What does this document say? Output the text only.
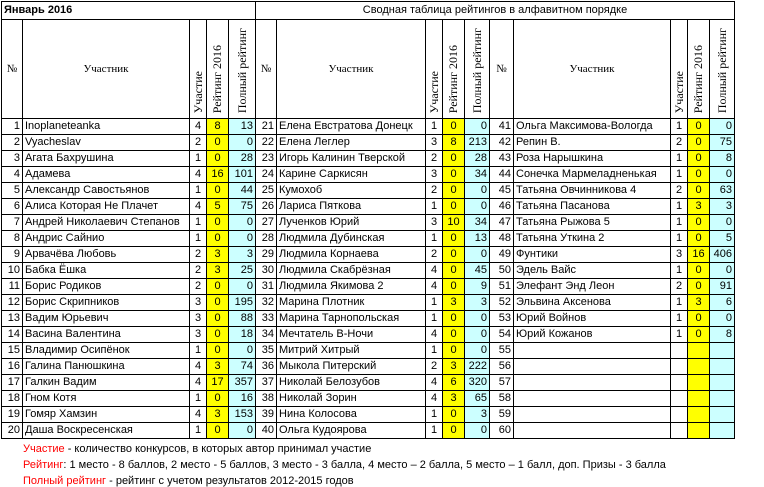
Январь 2016					Сводная таблица рейтингов в алфавитном порядке									
№	Участник	Участие	Рейтинг 2016	Полный рейтинг	№	Участник	Участие	Рейтинг 2016	Полный рейтинг	№	Участник	Участие	Рейтинг 2016	Полный рейтинг
1	Inoplaneteanka	4	8	13	21	Елена Евстратова Донецк	1	0	0	41	Ольга Максимова-Вологда	1	0	0
2	Vyacheslav	2	0	0	22	Елена Леглер	3	8	213	42	Репин В.	2	0	75
3	Агата Бахрушина	1	0	28	23	Игорь Калинин Тверской	2	0	28	43	Роза Нарышкина	1	0	8
4	Адамева	4	16	101	24	Карине Саркисян	3	0	34	44	Сонечка Мармеладненькая	1	0	0
5	Александр Савостьянов	1	0	44	25	Кумохоб	2	0	0	45	Татьяна Овчинникова 4	2	0	63
6	Алиса Которая Не Плачет	4	5	75	26	Лариса Пяткова	1	0	0	46	Татьяна Пасанова	1	3	3
7	Андрей Николаевич Степанов	1	0	0	27	Лученков Юрий	3	10	34	47	Татьяна Рыжова 5	1	0	0
8	Андрис Сайнио	1	0	0	28	Людмила Дубинская	1	0	13	48	Татьяна Уткина 2	1	0	5
9	Арвачёва Любовь	2	3	3	29	Людмила Корнаева	2	0	0	49	Фунтики	3	16	406
10	Бабка Ёшка	2	3	25	30	Людмила Скабрёзная	4	0	45	50	Эдель Вайс	1	0	0
11	Борис Родиков	2	0	0	31	Людмила Якимова 2	4	0	9	51	Элефант Энд Леон	2	0	91
12	Борис Скрипников	3	0	195	32	Марина Плотник	1	3	3	52	Эльвина Аксенова	1	3	6
13	Вадим Юрьевич	3	0	88	33	Марина Тарнопольская	1	0	0	53	Юрий Войнов	1	0	0
14	Васина Валентина	3	0	18	34	Мечтатель В-Ночи	4	0	0	54	Юрий Кожанов	1	0	8
15	Владимир Осипёнок	1	0	0	35	Митрий Хитрый	1	0	0	55				
16	Галина Панюшкина	4	3	74	36	Мыкола Питерский	2	3	222	56				
17	Галкин Вадим	4	17	357	37	Николай Белозубов	4	6	320	57				
18	Гном Котя	1	0	16	38	Николай Зорин	4	3	65	58				
19	Гомяр Хамзин	4	3	153	39	Нина Колосова	1	0	3	59				
20	Даша Воскресенская	1	0	0	40	Ольга Кудоярова	1	0	0	60				
Участие - количество конкурсов, в которых автор принимал участие
Рейтинг: 1 место - 8 баллов, 2 место - 5 баллов, 3 место - 3 балла, 4 место – 2 балла, 5 место – 1 балл, доп. Призы - 3 балла
Полный рейтинг - рейтинг с учетом результатов 2012-2015 годов
